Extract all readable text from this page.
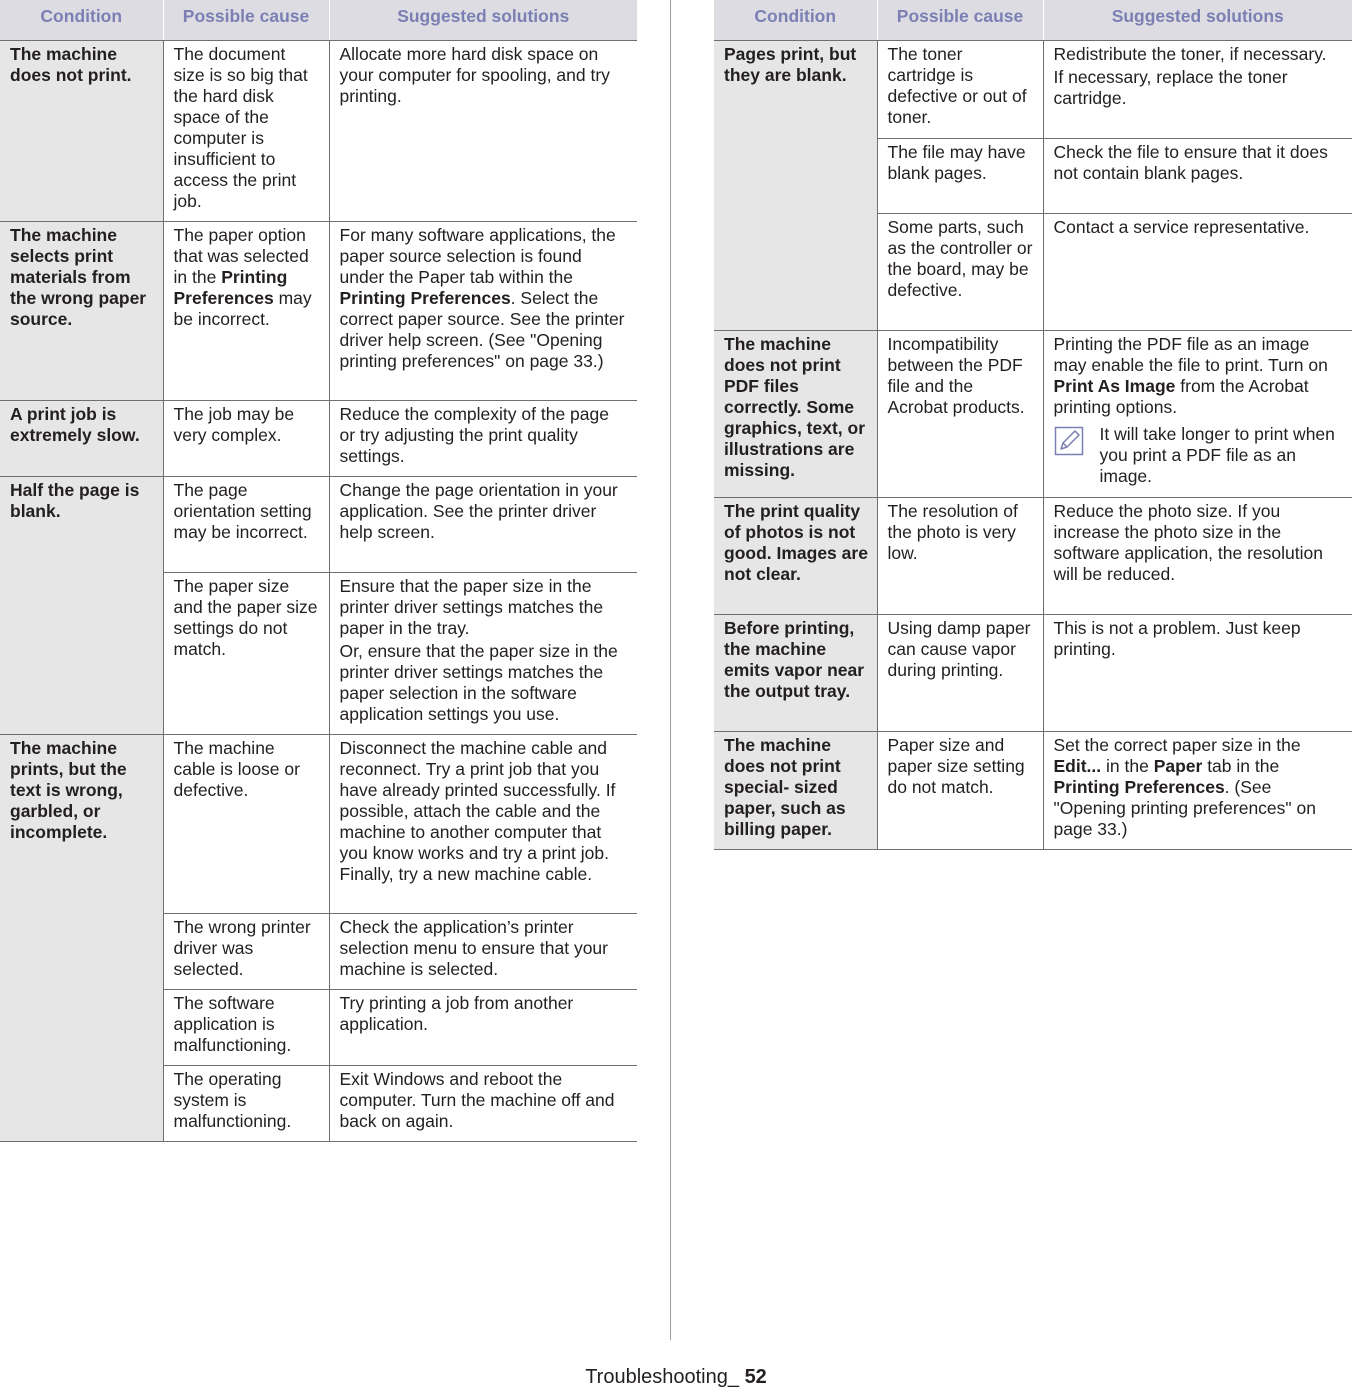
Condition	Possible cause	Suggested solutions
The machine does not print.	The document size is so big that the hard disk space of the computer is insufficient to access the print job.	Allocate more hard disk space on your computer for spooling, and try printing.
The machine selects print materials from the wrong paper source.	The paper option that was selected in the Printing Preferences may be incorrect.	For many software applications, the paper source selection is found under the Paper tab within the Printing Preferences. Select the correct paper source. See the printer driver help screen. (See "Opening printing preferences" on page 33.)
A print job is extremely slow.	The job may be very complex.	Reduce the complexity of the page or try adjusting the print quality settings.
Half the page is blank.	The page orientation setting may be incorrect.	Change the page orientation in your application. See the printer driver help screen.
	The paper size and the paper size settings do not match.	Ensure that the paper size in the printer driver settings matches the paper in the tray.

Or, ensure that the paper size in the printer driver settings matches the paper selection in the software application settings you use.

The machine prints, but the text is wrong, garbled, or incomplete.	The machine cable is loose or defective.	Disconnect the machine cable and reconnect. Try a print job that you have already printed successfully. If possible, attach the cable and the machine to another computer that you know works and try a print job. Finally, try a new machine cable.
	The wrong printer driver was selected.	Check the application’s printer selection menu to ensure that your machine is selected.
	The software application is malfunctioning.	Try printing a job from another application.
	The operating system is malfunctioning.	Exit Windows and reboot the computer. Turn the machine off and back on again.
Condition	Possible cause	Suggested solutions
Pages print, but they are blank.	The toner cartridge is defective or out of toner.	Redistribute the toner, if necessary.

If necessary, replace the toner cartridge.

	The file may have blank pages.	Check the file to ensure that it does not contain blank pages.
	Some parts, such as the controller or the board, may be defective.	Contact a service representative.
The machine does not print PDF files correctly. Some graphics, text, or illustrations are missing.	Incompatibility between the PDF file and the Acrobat products.	Printing the PDF file as an image may enable the file to print. Turn on Print As Image from the Acrobat printing options.

It will take longer to print when you print a PDF file as an image.

The print quality of photos is not good. Images are not clear.	The resolution of the photo is very low.	Reduce the photo size. If you increase the photo size in the software application, the resolution will be reduced.
Before printing, the machine emits vapor near the output tray.	Using damp paper can cause vapor during printing.	This is not a problem. Just keep printing.
The machine does not print special- sized paper, such as billing paper.	Paper size and paper size setting do not match.	Set the correct paper size in the Edit... in the Paper tab in the Printing Preferences. (See "Opening printing preferences" on page 33.)
Troubleshooting_ 52
